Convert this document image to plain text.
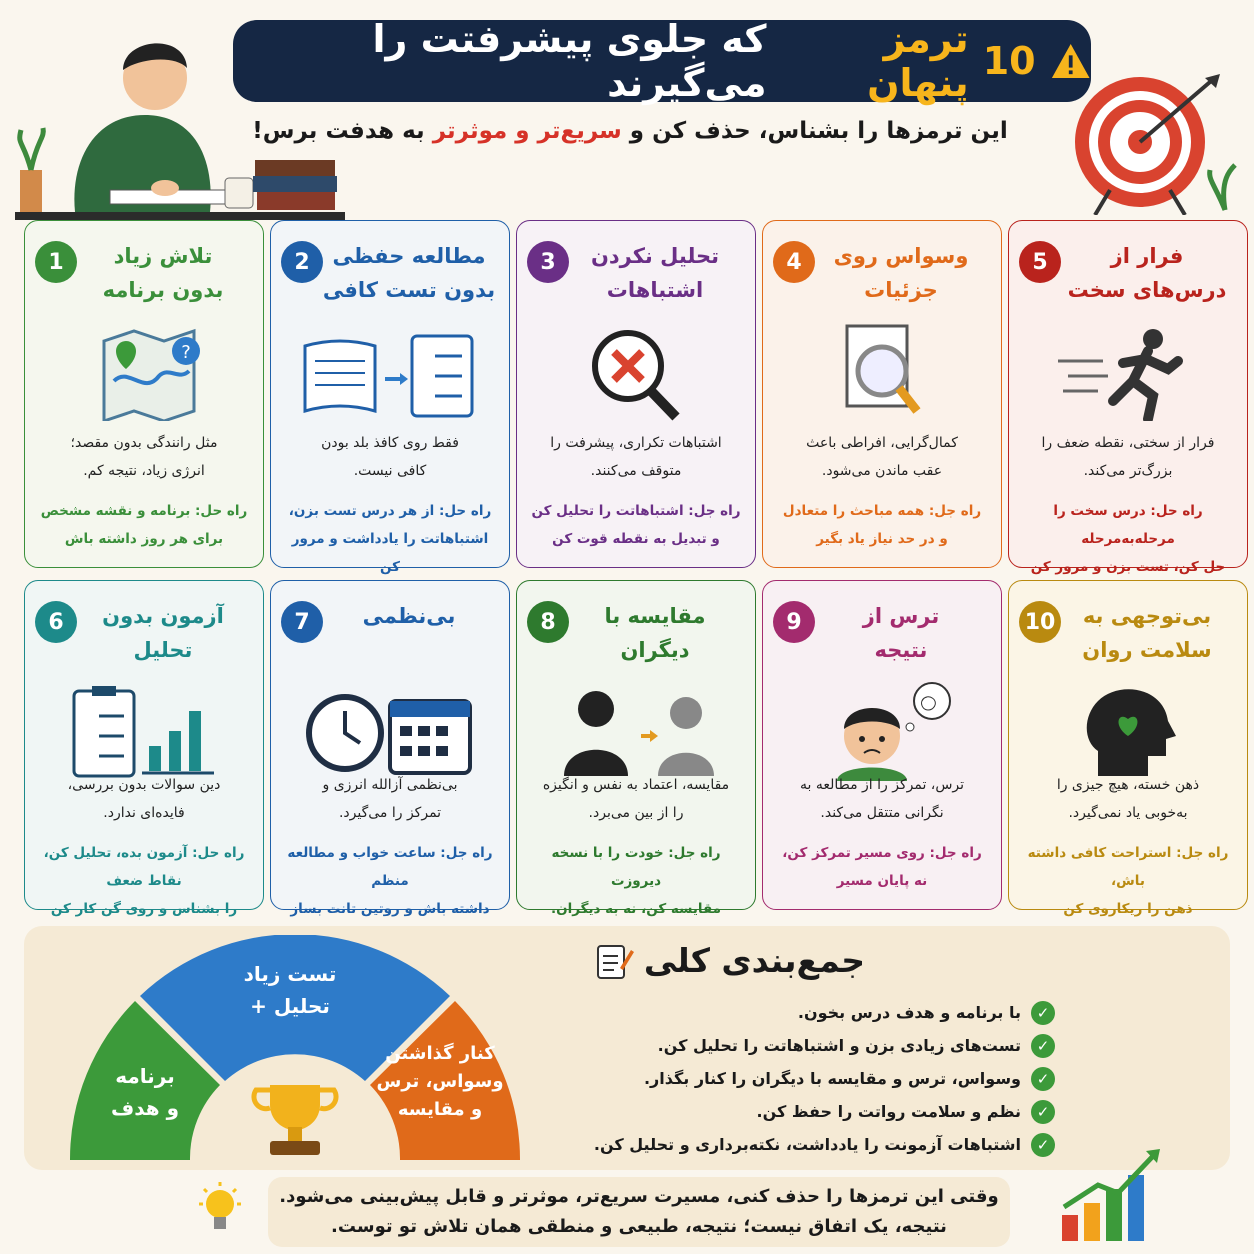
10
ترمز پنهان
که جلوی پیشرفتت را می‌گیرند
این ترمزها را بشناس، حذف کن و سریع‌تر و موثرتر به هدفت برس!
1	تلاش زیاد
بدون برنامه
?
مثل رانندگی بدون مقصد؛
انرژی زیاد، نتیجه کم.
راه حل: برنامه و نقشه مشخص
برای هر روز داشته باش
2	مطالعه حفظی
بدون تست کافی
فقط روی کافذ بلد بودن
کافی نیست.
راه حل: از هر درس تست بزن،
اشتباهاتت را یادداشت و مرور کن
3	تحلیل نکردن
اشتباهات
اشتباهات تکراری، پیشرفت را
متوقف می‌کنند.
راه جل: اشتباهاتت را تحلیل کن
و تبدیل به نقطه قوت کن
4	وسواس روی
جزئیات
کمال‌گرایی، افراطی باعث
عقب ماندن می‌شود.
راه جل: همه مباحث را متعادل
و در حد نیاز یاد بگیر
5	فرار از
درس‌های سخت
فرار از سختی، نقطه ضعف را
بزرگ‌تر می‌کند.
راه حل: درس سخت را مرحله‌به‌مرحله
حل کن، تست بزن و مرور کن
6	آزمون بدون
تحلیل
دین سوالات بدون بررسی،
فایده‌ای ندارد.
راه حل: آزمون بده، تحلیل کن، نقاط ضعف
را بشناس و روی گن کار کن
7	بی‌نظمی
بی‌نظمی آزالله انرزی و
تمرکز را می‌گیرد.
راه جل: ساعت خواب و مطالعه منظم
داشته باش و روتین تانت بساز
8	مقایسه با
دیگران
مقایسه، اعتماد به نفس و انگیزه
را از بین می‌برد.
راه جل: خودت را با نسخه دیروزت
مقایسه کن، نه به دیگران.
9	ترس از
نتیجه
ترس، تمرکز را از مطالعه به
نگرانی متتقل می‌کند.
راه جل: روی مسیر تمرکز کن،
نه پایان مسیر
10	بی‌توجهی به
سلامت روان
ذهن خسته، هیچ جیزی را
به‌خوبی یاد نمی‌گیرد.
راه جل: استراحت کافی داشته باش،
ذهن را ریکاروی کن
برنامه
و هدف
تست زیاد
+ تحلیل
کنار گذاشتن
وسواس، ترس
و مقایسه
جمع‌بندی کلی
✓
با برنامه و هدف درس بخون.
✓
تست‌های زیادی بزن و اشتباهاتت را تحلیل کن.
✓
وسواس، ترس و مقایسه با دیگران را کنار بگذار.
✓
نظم و سلامت رواتت را حفظ کن.
✓
اشتباهات آزمونت را یادداشت، نکته‌برداری و تحلیل کن.
وقتی این ترمزها را حذف کنی، مسیرت سریع‌تر، موثرتر و قابل پیش‌بینی می‌شود.
نتیجه، یک اتفاق نیست؛ نتیجه، طبیعی و منطقی همان تلاش تو توست.
